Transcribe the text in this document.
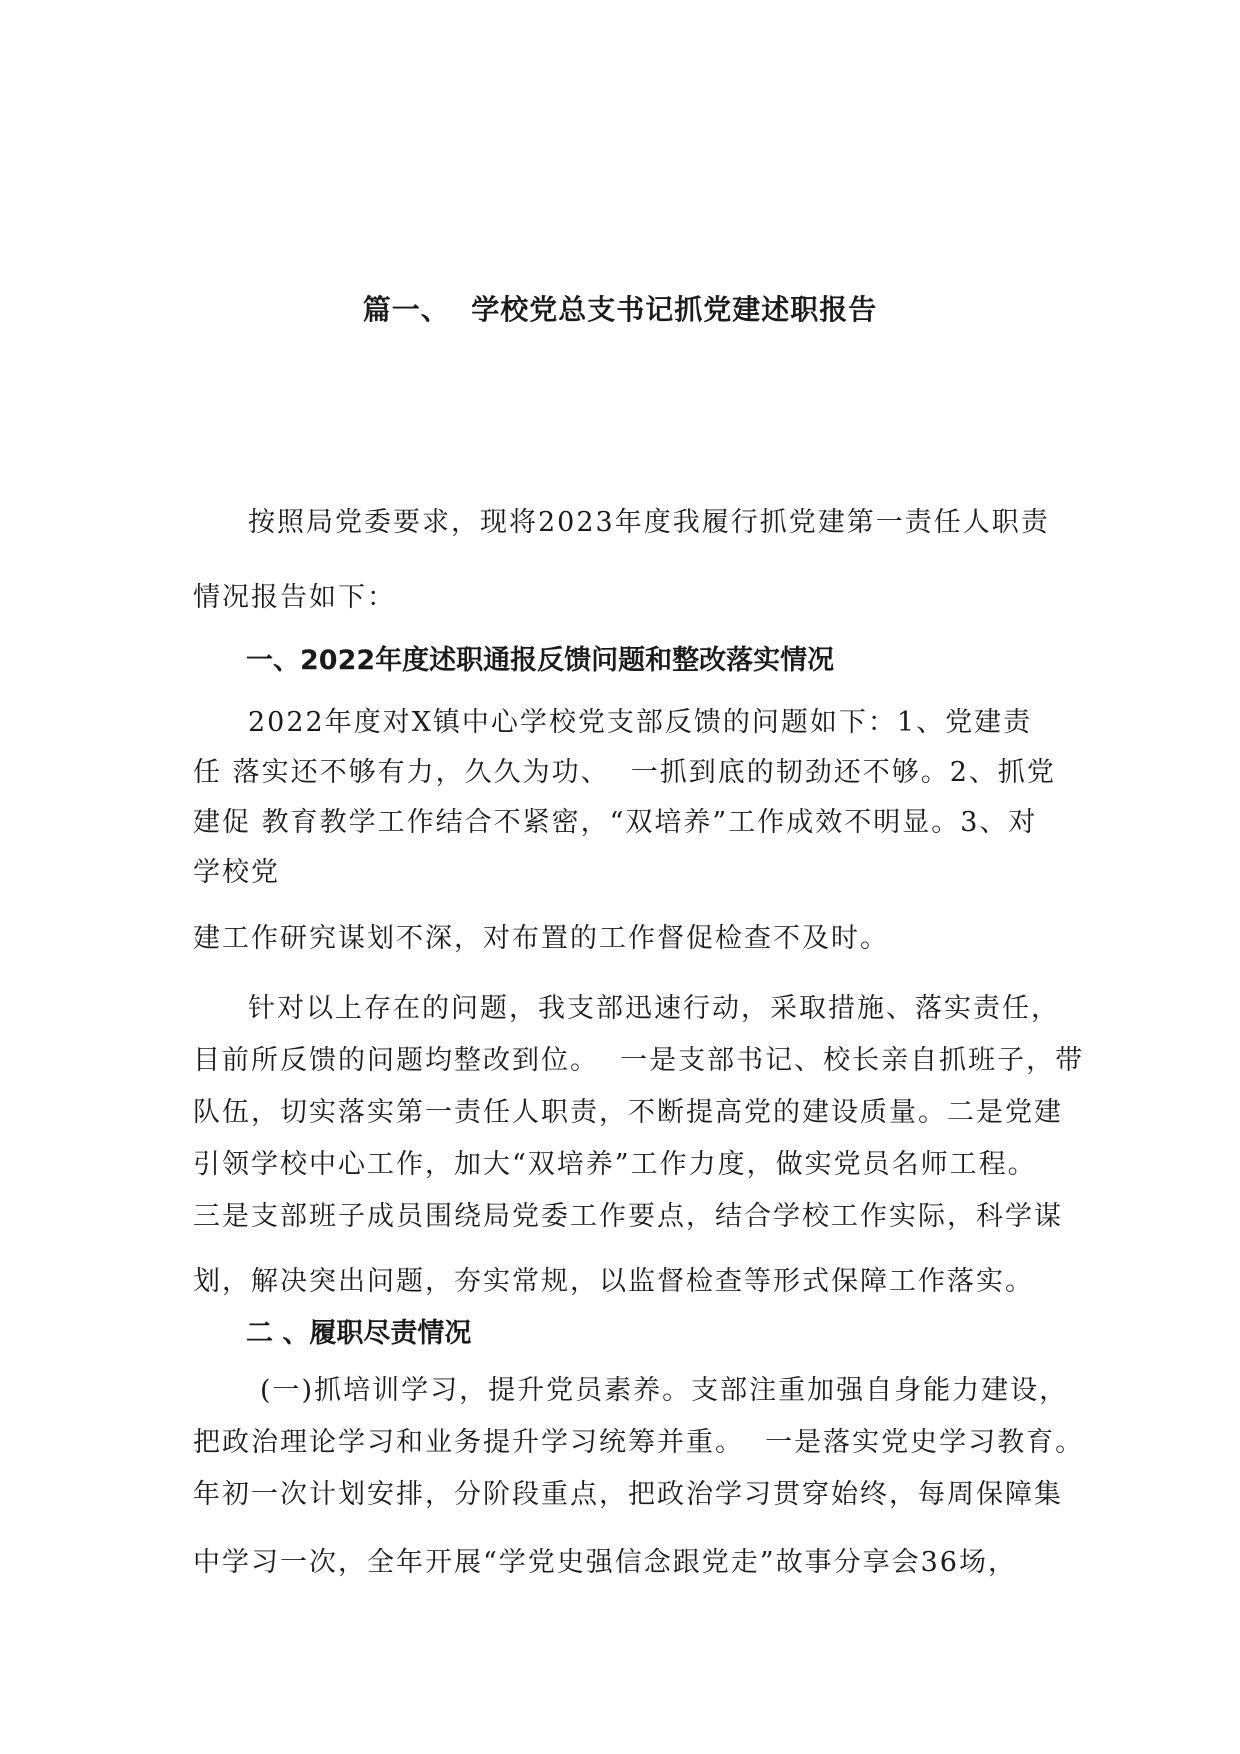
篇一、  学校党总支书记抓党建述职报告

按照局党委要求，现将2023年度我履行抓党建第一责任人职责

情况报告如下：

一、2022年度述职通报反馈问题和整改落实情况

2022年度对X镇中心学校党支部反馈的问题如下：1、党建责

任 落实还不够有力，久久为功、  一抓到底的韧劲还不够。2、抓党

建促 教育教学工作结合不紧密，“双培养”工作成效不明显。3、对

学校党

建工作研究谋划不深，对布置的工作督促检查不及时。

针对以上存在的问题，我支部迅速行动，采取措施、落实责任，

目前所反馈的问题均整改到位。  一是支部书记、校长亲自抓班子，带

队伍，切实落实第一责任人职责，不断提高党的建设质量。二是党建

引领学校中心工作，加大“双培养”工作力度，做实党员名师工程。

三是支部班子成员围绕局党委工作要点，结合学校工作实际，科学谋

划，解决突出问题，夯实常规，以监督检查等形式保障工作落实。

二 、履职尽责情况

(一)抓培训学习，提升党员素养。支部注重加强自身能力建设，

把政治理论学习和业务提升学习统筹并重。  一是落实党史学习教育。

年初一次计划安排，分阶段重点，把政治学习贯穿始终，每周保障集

中学习一次，全年开展“学党史强信念跟党走”故事分享会36场，
